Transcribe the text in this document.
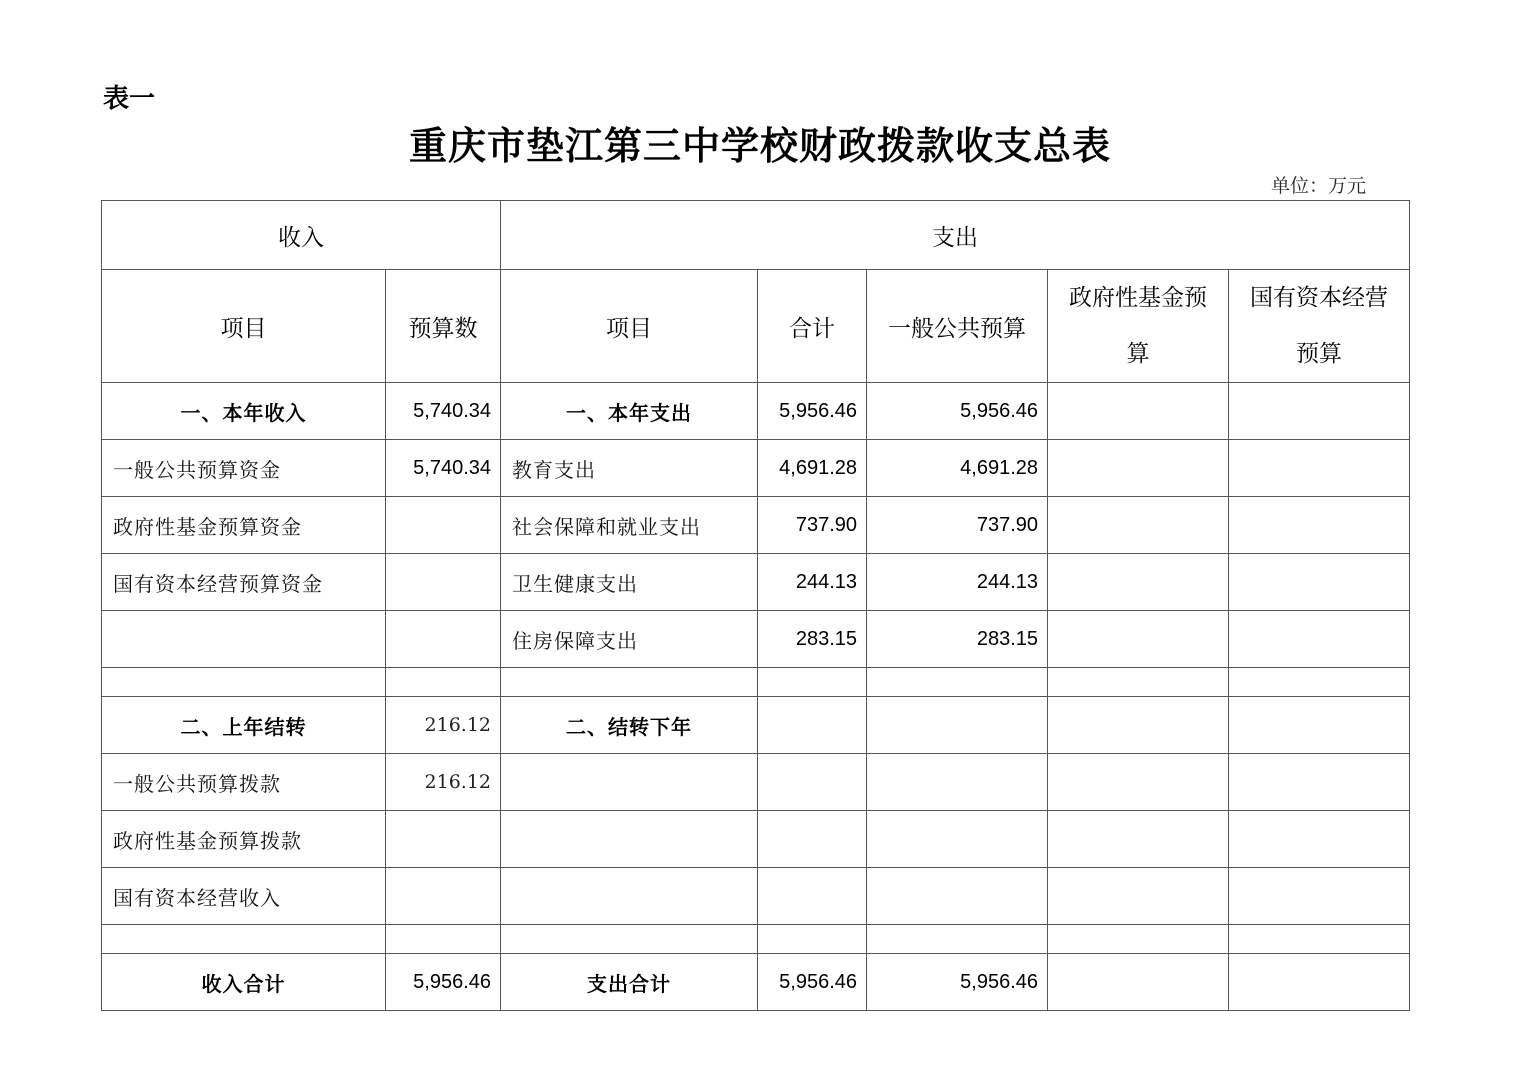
表一
重庆市垫江第三中学校财政拨款收支总表
单位：万元
收入		支出				
项目	预算数	项目	合计	一般公共预算	政府性基金预算	国有资本经营预算
一、本年收入	5,740.34	一、本年支出	5,956.46	5,956.46		
一般公共预算资金	5,740.34	教育支出	4,691.28	4,691.28		
政府性基金预算资金		社会保障和就业支出	737.90	737.90		
国有资本经营预算资金		卫生健康支出	244.13	244.13		
		住房保障支出	283.15	283.15		

二、上年结转	216.12	二、结转下年				
一般公共预算拨款	216.12					
政府性基金预算拨款						
国有资本经营收入						

收入合计	5,956.46	支出合计	5,956.46	5,956.46		
